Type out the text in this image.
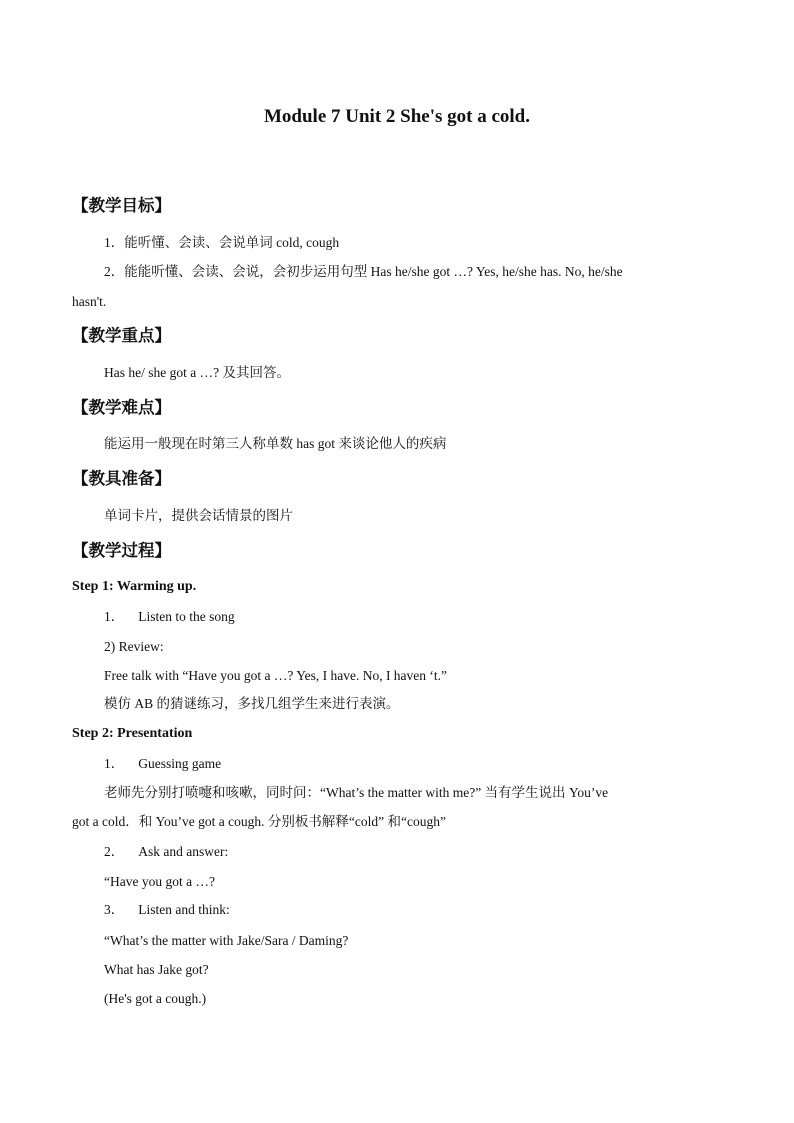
Module 7 Unit 2 She's got a cold.
【教学目标】
1．能听懂、会读、会说单词 cold, cough
2．能能听懂、会读、会说，会初步运用句型 Has he/she got …? Yes, he/she has. No, he/she
hasn't.
【教学重点】
Has he/ she got a …? 及其回答。
【教学难点】
能运用一般现在时第三人称单数 has got 来谈论他人的疾病
【教具准备】
单词卡片，提供会话情景的图片
【教学过程】
Step 1: Warming up.
1． Listen to the song
2) Review:
Free talk with “Have you got a …? Yes, I have. No, I haven ‘t.”
模仿 AB 的猜谜练习，多找几组学生来进行表演。
Step 2: Presentation
1． Guessing game
老师先分别打喷嚏和咳嗽，同时问：“What’s the matter with me?” 当有学生说出 You’ve
got a cold．和 You’ve got a cough. 分别板书解释“cold” 和“cough”
2． Ask and answer:
“Have you got a …?
3． Listen and think:
“What’s the matter with Jake/Sara / Daming?
What has Jake got?
(He's got a cough.)
